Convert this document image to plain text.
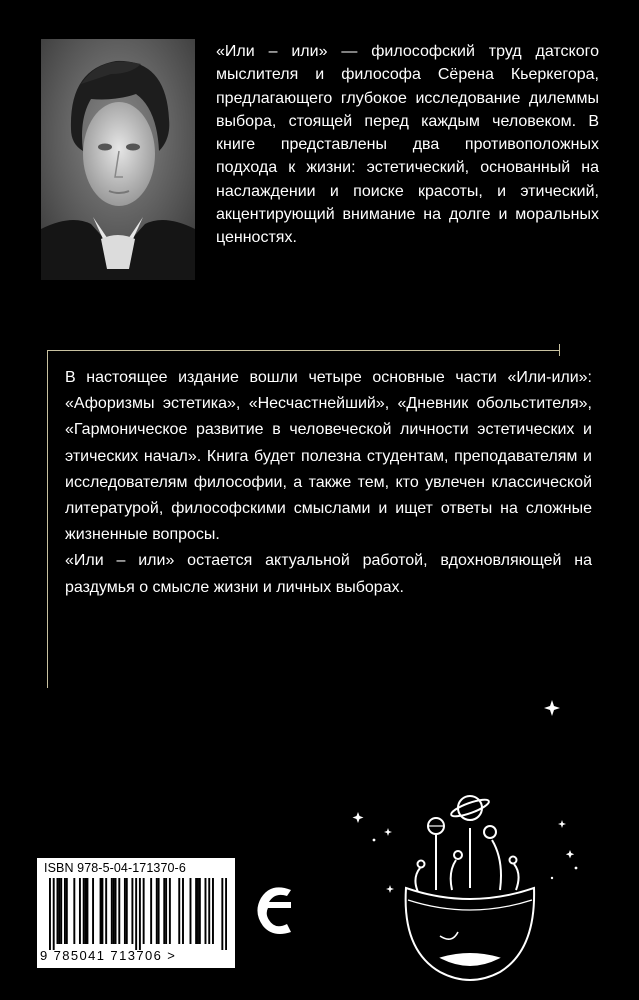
«Или – или» — философский труд датского мыслителя и философа Сёрена Кьеркегора, предлагающего глубокое исследование дилеммы выбора, стоящей перед каждым человеком. В книге представлены два противоположных подхода к жизни: эстетический, основанный на наслаждении и поиске красоты, и этический, акцентирующий внимание на долге и моральных ценностях.

В настоящее издание вошли четыре основные части «Или-или»: «Афоризмы эстетика», «Несчастнейший», «Дневник обольстителя», «Гармоническое развитие в человеческой личности эстетических и этических начал». Книга будет полезна студентам, преподавателям и исследователям философии, а также тем, кто увлечен классической литературой, философскими смыслами и ищет ответы на сложные жизненные вопросы.

«Или – или» остается актуальной работой, вдохновляющей на раздумья о смысле жизни и личных выборах.

ISBN 978-5-04-171370-6
9 785041 713706 >
